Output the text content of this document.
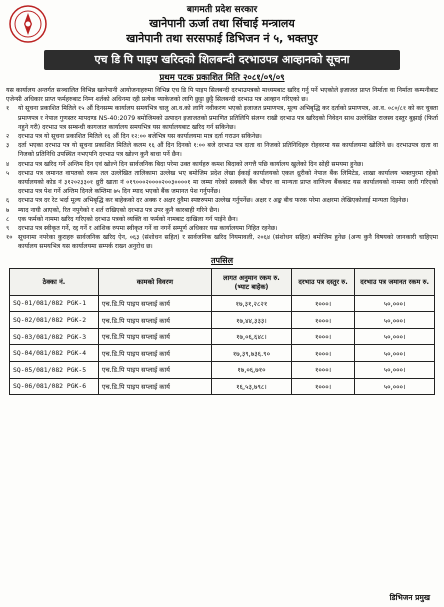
बागमती प्रदेश सरकार
खानेपानी ऊर्जा तथा सिंचाई मन्त्रालय
खानेपानी तथा सरसफाई डिभिजन नं ५, भक्तपुर
एच डि पि पाइप खरिदको शिलबन्दी दरभाउपत्र आव्हानको सूचना
प्रथम पटक प्रकाशित मिति २०८१/०९/०९

यस कार्यालय अन्तर्गत सञ्चालित विभिन्न खानेपानी आयोजनाहरुमा विभिन्न एच डि पि पाइप सिलबन्दी दरभाउपत्रको माध्यमबाट खरिद गर्नु पर्ने भएकोले इजाजत प्राप्त निर्माता वा निर्माता कम्पनीबाट एजेन्सी अधिकार प्राप्त फर्महरुबाट निम्न शर्तको अधिनमा रही प्रत्येक प्याकेजको लागि छुट्टा छुट्टै सिलबन्दी दरभाउ पत्र आव्हान गरिएको छ।

१	यो सूचना प्रकाशित मितिले १५ औं दिनसम्म कार्यालय समयभित्र चालु आ.व.को लागि नवीकरण भएको इजाजत प्रमाणपत्र, मूल्य अभिबृद्धि कर दर्ताको प्रमाणपत्र, आ.व. ०८०/८१ को कर चुक्ता प्रमाणपत्र र नेपाल गुणस्तर मापदण्ड NS-40:2079 बमोजिमको उत्पादन इजाजतको प्रमाणित प्रतिलिपि संलग्न राखी दरभाउ पत्र खरिदको निवेदन साथ उल्लेखित राजस्व दस्तुर बुझाई (फिर्ता नहुने गरी) दरभाउ पत्र सम्बन्धी कागजात कार्यालय समयभित्र यस कार्यालयबाट खरिद गर्न सकिनेछ।
२	दरभाउ पत्र यो सूचना प्रकाशित मितिले १६ औं दिन १२:०० बजेभित्र यस कार्यालयमा मात्र दर्ता गराउन सकिनेछ।
३	दर्ता भएका दरभाउ पत्र यो सूचना प्रकाशित मितिले कलम १६ औं दिन दिनको १:०० बजे दरभाउ पत्र दाता वा निजको प्रतिनिधिहरु रोहवरमा यस कार्यालयमा खोलिने छ। दरभाउपत्र दाता वा निजको प्रतिनिधि उपस्थित नभएपनि दरभाउ पत्र खोल्न कुनै बाधा पर्ने छैन।
४	दरभाउ पत्र खरिद गर्ने अन्तिम दिन एवं खोल्ने दिन सार्वजनिक बिदा परेमा उक्त कार्यहरु कमश बिदाको लगत्तै पछि कार्यालय खुलेको दिन सोही समयमा हुनेछ।
५	दरभाउ पत्र जमानत वापतको रकम तल उल्लेखित तालिकामा उल्लेख भए बमोजिम प्रदेश लेखा ईकाई कार्यालयको एकल ध्रुरीको नेपाल बैंक लिमिटेड, शाखा कार्यालय भक्तपुरमा रहेको कार्यालयको कोड नं ३१२०२३३०१ ध्रुरी खाता नं ०१९०००२००००२००३००००१ मा जम्मा गरेको सक्कलै बैंक भौचर वा मान्यता प्राप्त वाणिज्य बैंकबाट यस कार्यालयको नाममा जारी गरिएको दरभाउ पत्र पेश गर्ने अन्तिम दिनले कम्तिमा ७५ दिन म्याद भएको बैंक जमानत पेश गर्नुपर्नेछ।
६	दरभाउ पत्र दर रेट भर्दा मूल्य अभिबृद्धि कर बाहेकको दर अक्क र अक्षर दुवैमा स्पष्टरुपमा उल्लेख गर्नुपर्नेछ। अक्षर र अङ्क बीच फरक परेमा अक्षरमा लेखिएकोलाई मान्यता दिइनेछ।
७	म्याद नाघी आएको, रित नपुगेको र शर्त राखिएको दरभाउ पत्र उपर कुनै कारबाही गरिने छैन।
८	एक फर्मको नाममा खरिद गरिएको दरभाउ पत्रको व्यक्ति वा फर्मको नामबाट दाखिला गर्न पाईने छैन।
९	दरभाउ पत्र स्वीकृत गर्ने, रद्द गर्ने र आंशिक रुपमा स्वीकृत गर्ने वा नगर्ने सम्पूर्ण अधिकार यस कार्यालयमा निहित रहनेछ।
१० सूचनामा नपरेका कुराहरु सार्वजनिक खरिद ऐन, ०६३ (संशोधन सहित) र सार्वजनिक खरिद नियमावली, २०६४ (संशोधन सहित) बमोजिम हुनेछ (अन्य कुनै विषयको जानकारी चाहिएमा कार्यालय समयभित्र यस कार्यालयमा सम्पर्क राख्न अनुरोध छ।
तपसिल
ठेक्का नं.	कामको विवरण	लागत अनुमान रकम रु. (भ्याट बाहेक)	दरभाउ पत्र दस्तुर रु.	दरभाउ पत्र जमानत रकम रु.
SQ-01/081/082 PGK-1	एच.डि.पि पाइप सप्लाई कार्य	१७,३१,२८२१	१०००।	५०,०००।
SQ-02/081/082 PGK-2	एच.डि.पि पाइप सप्लाई कार्य	१७,४४,३३३।	१०००।	५०,०००।
SQ-03/081/082 PGK-3	एच.डि.पि पाइप सप्लाई कार्य	१७,०६,६४८।	१०००।	५०,०००।
SQ-04/081/082 PGK-4	एच.डि.पि पाइप सप्लाई कार्य	१७,३९,७३६.९०	१०००।	५०,०००।
SQ-05/081/082 PGK-5	एच.डि.पि पाइप सप्लाई कार्य	१७,०६,७१०	१०००।	५०,०००।
SQ-06/081/082 PGK-6	एच.डि.पि पाइप सप्लाई कार्य	१६,५३,७९८।	१०००।	५०,०००।
डिभिजन प्रमुख
